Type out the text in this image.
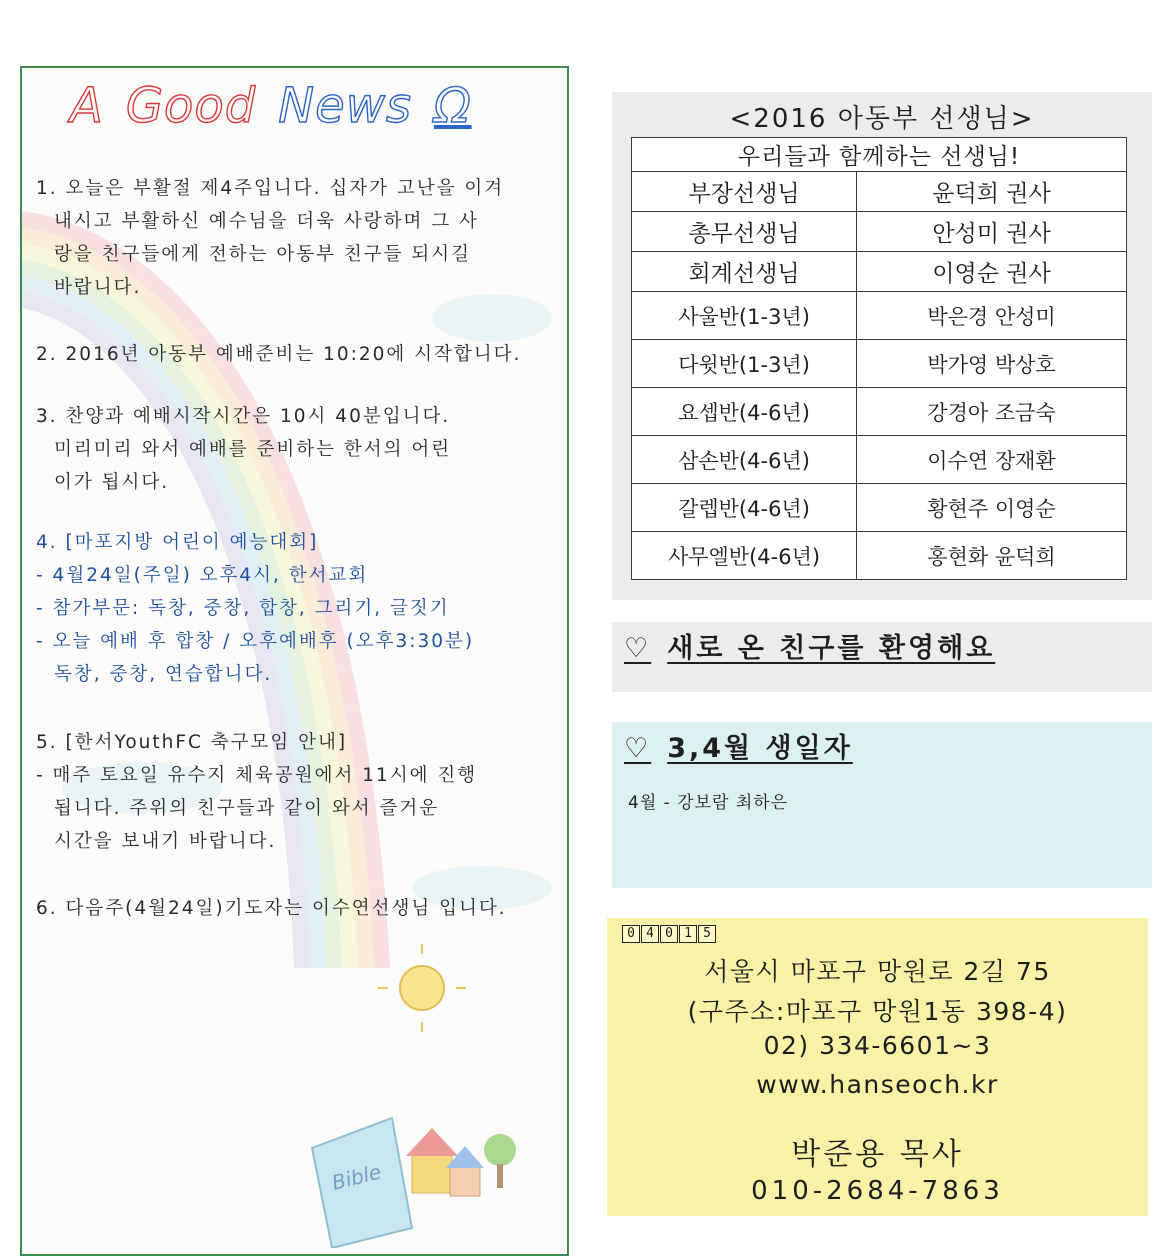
A Good News Ω

1. 오늘은 부활절 제4주입니다. 십자가 고난을 이겨

내시고 부활하신 예수님을 더욱 사랑하며 그 사
랑을 친구들에게 전하는 아동부 친구들 되시길
바랍니다.

2. 2016년 아동부 예배준비는 10:20에 시작합니다.

3. 찬양과 예배시작시간은 10시 40분입니다.

미리미리 와서 예배를 준비하는 한서의 어린
이가 됩시다.

4. [마포지방 어린이 예능대회]
- 4월24일(주일) 오후4시, 한서교회
- 참가부문: 독창, 중창, 합창, 그리기, 글짓기
- 오늘 예배 후 합창 / 오후예배후 (오후3:30분)
독창, 중창, 연습합니다.

5. [한서YouthFC 축구모임 안내]
- 매주 토요일 유수지 체육공원에서 11시에 진행
됩니다. 주위의 친구들과 같이 와서 즐거운
시간을 보내기 바랍니다.

6. 다음주(4월24일)기도자는 이수연선생님 입니다.

Bible
<2016 아동부 선생님>
우리들과 함께하는 선생님!	
부장선생님	윤덕희 권사
총무선생님	안성미 권사
회계선생님	이영순 권사
사울반(1-3년)	박은경 안성미
다윗반(1-3년)	박가영 박상호
요셉반(4-6년)	강경아 조금숙
삼손반(4-6년)	이수연 장재환
갈렙반(4-6년)	황현주 이영순
사무엘반(4-6년)	홍현화 윤덕희
♡ 새로 온 친구를 환영해요
♡ 3,4월 생일자

4월 - 강보람 최하은

0 4 0 1 5

서울시 마포구 망원로 2길 75

(구주소:마포구 망원1동 398-4)

02) 334-6601~3

www.hanseoch.kr

박준용 목사

010-2684-7863
